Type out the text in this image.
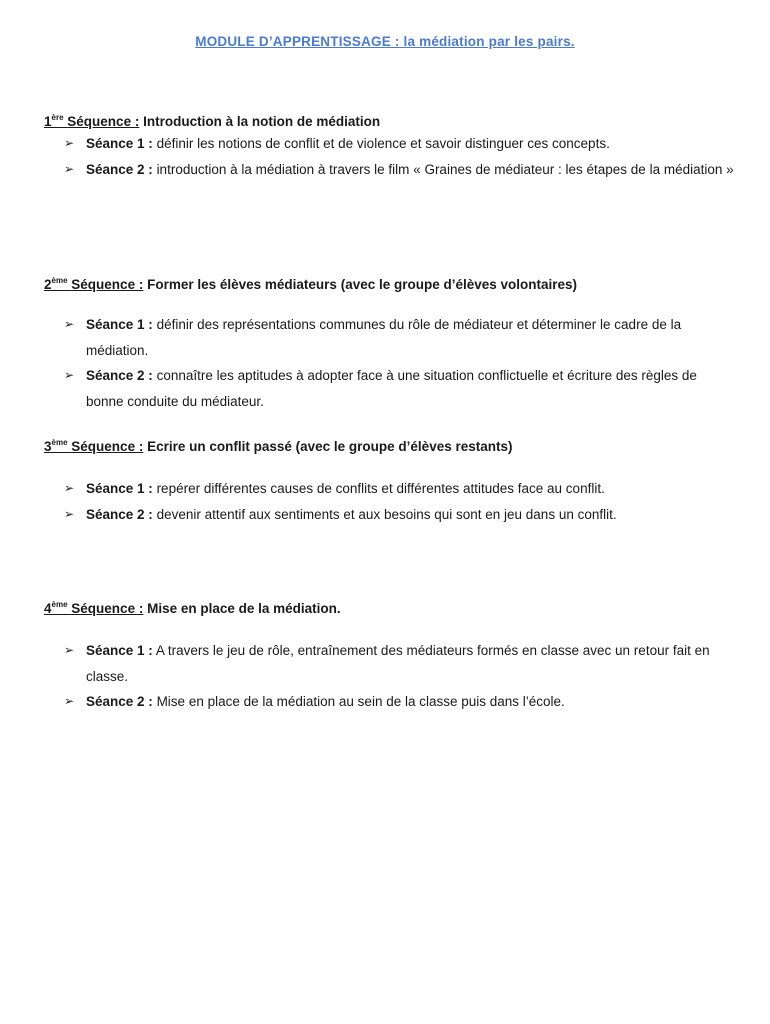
MODULE D’APPRENTISSAGE : la médiation par les pairs.
1ère Séquence : Introduction à la notion de médiation
➢ Séance 1 : définir les notions de conflit et de violence et savoir distinguer ces concepts.
➢ Séance 2 : introduction à la médiation à travers le film « Graines de médiateur : les étapes de la médiation »
2ème Séquence : Former les élèves médiateurs (avec le groupe d’élèves volontaires)
➢ Séance 1 : définir des représentations communes du rôle de médiateur et déterminer le cadre de la médiation.
➢ Séance 2 : connaître les aptitudes à adopter face à une situation conflictuelle et écriture des règles de bonne conduite du médiateur.
3ème Séquence : Ecrire un conflit passé (avec le groupe d’élèves restants)
➢ Séance 1 : repérer différentes causes de conflits et différentes attitudes face au conflit.
➢ Séance 2 : devenir attentif aux sentiments et aux besoins qui sont en jeu dans un conflit.
4ème Séquence : Mise en place de la médiation.
➢ Séance 1 : A travers le jeu de rôle, entraînement des médiateurs formés en classe avec un retour fait en classe.
➢ Séance 2 : Mise en place de la médiation au sein de la classe puis dans l’école.
